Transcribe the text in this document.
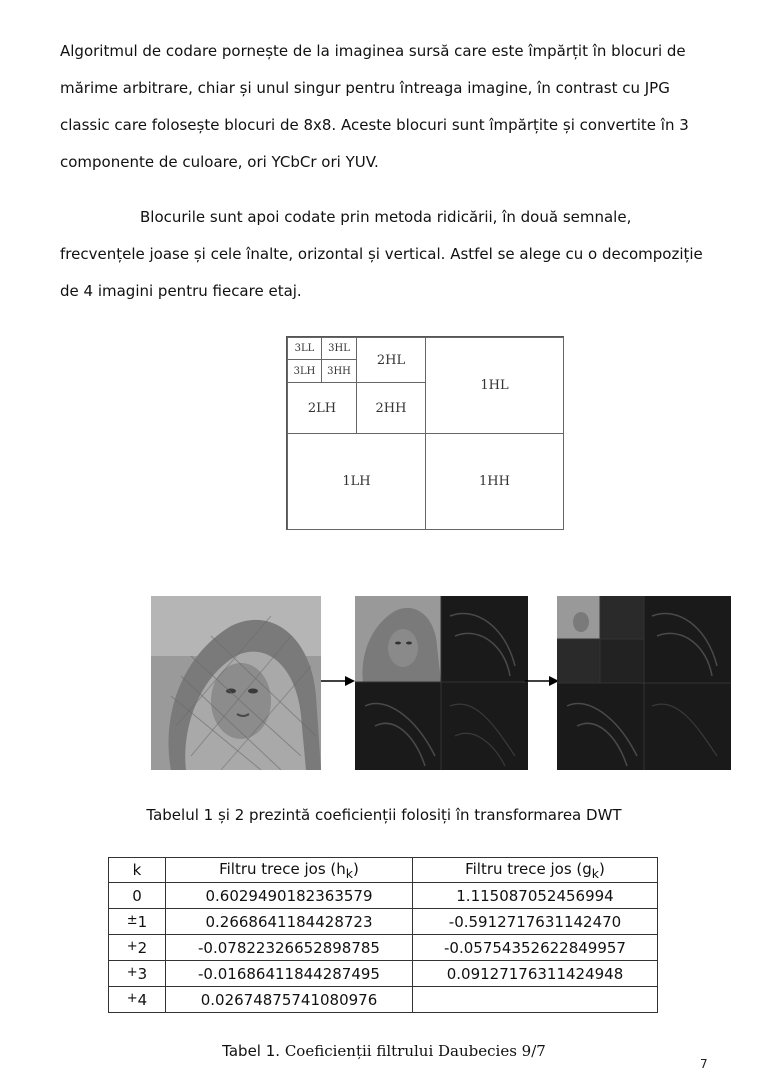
Algoritmul de codare pornește de la imaginea sursă care este împărțit în blocuri de mărime arbitrare, chiar și unul singur pentru întreaga imagine, în contrast cu JPG classic care folosește blocuri de 8x8. Aceste blocuri sunt împărțite și convertite în 3 componente de culoare, ori YCbCr ori YUV.
Blocurile sunt apoi codate prin metoda ridicării, în două semnale, frecvențele joase și cele înalte, orizontal și vertical. Astfel se alege cu o decompoziție de 4 imagini pentru fiecare etaj.
3LL	3HL
3LH	3HH
2HL
2LH	2HH
1HL
1LH	1HH
Tabelul 1 și 2 prezintă coeficienții folosiți în transformarea DWT
k	Filtru trece jos $(h_k)$	Filtru trece jos $(g_k)$
0	0.6029490182363579	1.115087052456994
±1	0.2668641184428723	-0.5912717631142470
+2	-0.07822326652898785	-0.05754352622849957
+3	-0.01686411844287495	0.09127176311424948
+4	0.02674875741080976	
Tabel 1. Coeficienții filtrului Daubecies 9/7
7
